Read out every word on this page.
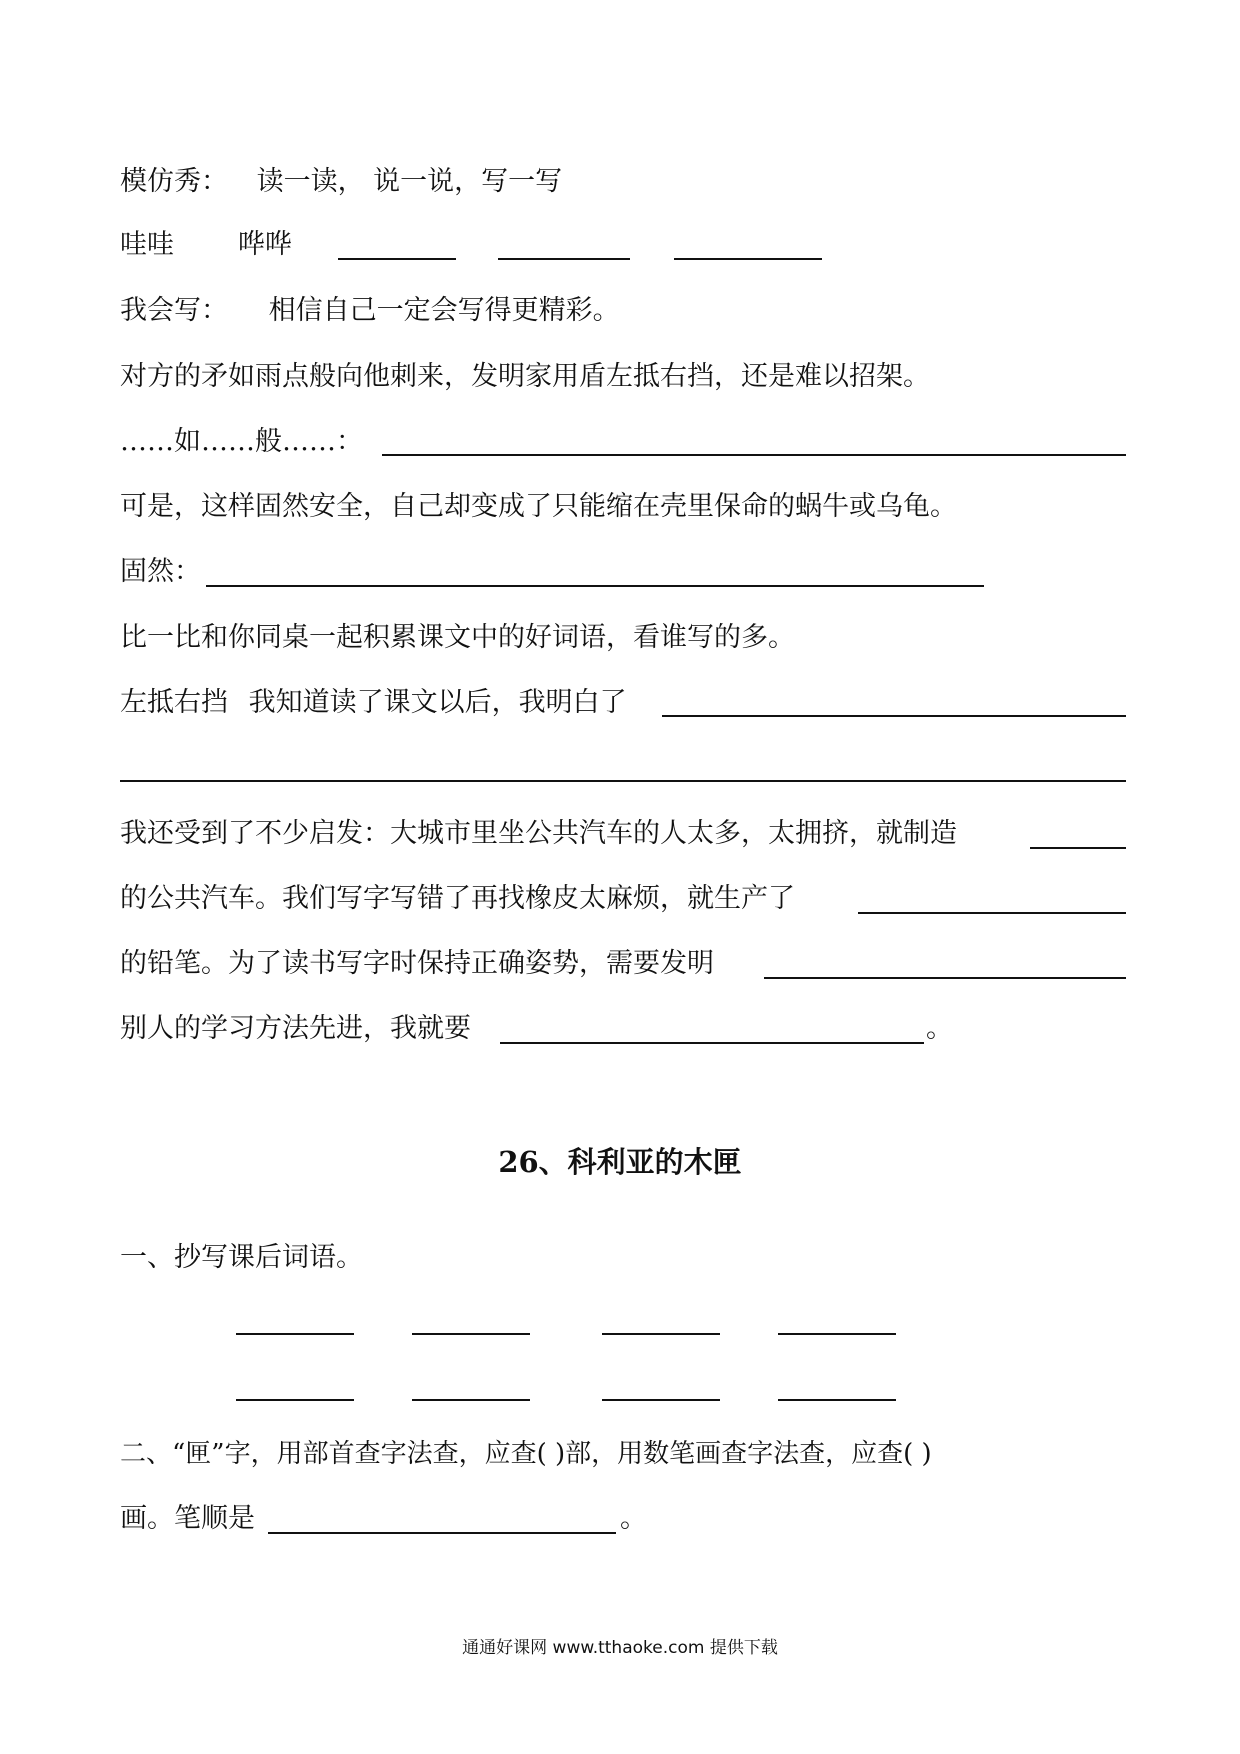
模仿秀： 读一读， 说一说，写一写
哇哇 哗哗
我会写： 相信自己一定会写得更精彩。
对方的矛如雨点般向他刺来，发明家用盾左抵右挡，还是难以招架。
……如……般……：
可是，这样固然安全，自己却变成了只能缩在壳里保命的蜗牛或乌龟。
固然：
比一比和你同桌一起积累课文中的好词语，看谁写的多。
左抵右挡 我知道读了课文以后，我明白了
我还受到了不少启发：大城市里坐公共汽车的人太多，太拥挤，就制造
的公共汽车。我们写字写错了再找橡皮太麻烦，就生产了
的铅笔。为了读书写字时保持正确姿势，需要发明
别人的学习方法先进，我就要	。
26、科利亚的木匣
一、抄写课后词语。
二、“匣”字，用部首查字法查，应查( )部，用数笔画查字法查，应查( )
画。笔顺是	。
通通好课网 www.tthaoke.com 提供下载
